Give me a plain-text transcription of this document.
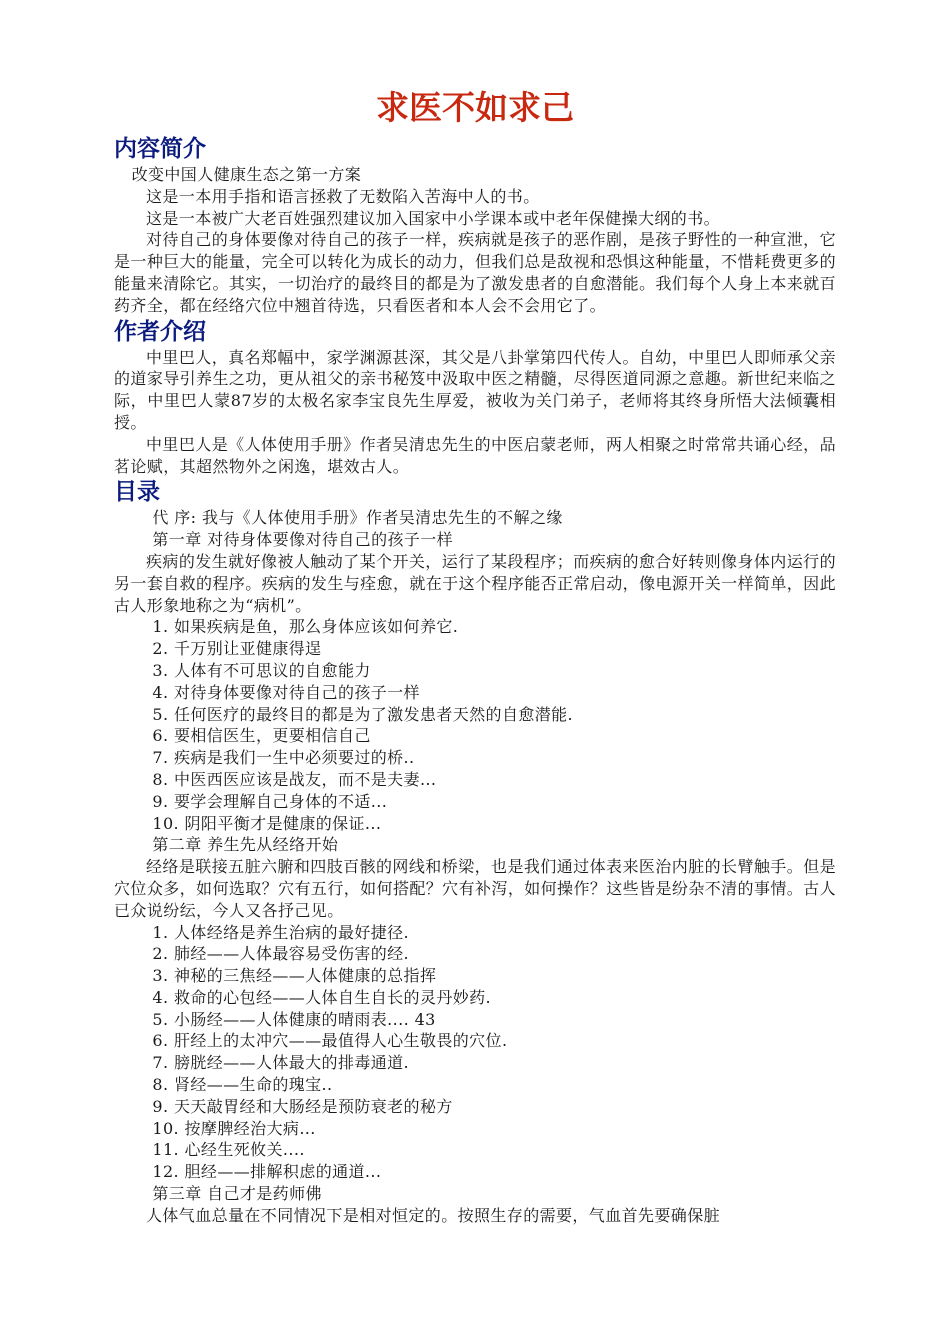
求医不如求己
内容简介

改变中国人健康生态之第一方案

这是一本用手指和语言拯救了无数陷入苦海中人的书。

这是一本被广大老百姓强烈建议加入国家中小学课本或中老年保健操大纲的书。

对待自己的身体要像对待自己的孩子一样，疾病就是孩子的恶作剧，是孩子野性的一种宣泄，它是一种巨大的能量，完全可以转化为成长的动力，但我们总是敌视和恐惧这种能量，不惜耗费更多的能量来清除它。其实，一切治疗的最终目的都是为了激发患者的自愈潜能。我们每个人身上本来就百药齐全，都在经络穴位中翘首待选，只看医者和本人会不会用它了。

作者介绍

中里巴人，真名郑幅中，家学渊源甚深，其父是八卦掌第四代传人。自幼，中里巴人即师承父亲的道家导引养生之功，更从祖父的亲书秘笈中汲取中医之精髓，尽得医道同源之意趣。新世纪来临之际，中里巴人蒙87岁的太极名家李宝良先生厚爱，被收为关门弟子，老师将其终身所悟大法倾囊相授。

中里巴人是《人体使用手册》作者吴清忠先生的中医启蒙老师，两人相聚之时常常共诵心经，品茗论赋，其超然物外之闲逸，堪效古人。

目录

代 序: 我与《人体使用手册》作者吴清忠先生的不解之缘

第一章 对待身体要像对待自己的孩子一样

疾病的发生就好像被人触动了某个开关，运行了某段程序；而疾病的愈合好转则像身体内运行的另一套自救的程序。疾病的发生与痊愈，就在于这个程序能否正常启动，像电源开关一样简单，因此古人形象地称之为“病机”。

1. 如果疾病是鱼，那么身体应该如何养它.

2. 千万别让亚健康得逞

3. 人体有不可思议的自愈能力

4. 对待身体要像对待自己的孩子一样

5. 任何医疗的最终目的都是为了激发患者天然的自愈潜能.

6. 要相信医生，更要相信自己

7. 疾病是我们一生中必须要过的桥..

8. 中医西医应该是战友，而不是夫妻...

9. 要学会理解自己身体的不适...

10. 阴阳平衡才是健康的保证...

第二章 养生先从经络开始

经络是联接五脏六腑和四肢百骸的网线和桥梁，也是我们通过体表来医治内脏的长臂触手。但是穴位众多，如何选取？穴有五行，如何搭配？穴有补泻，如何操作？这些皆是纷杂不清的事情。古人已众说纷纭，今人又各抒己见。

1. 人体经络是养生治病的最好捷径.

2. 肺经——人体最容易受伤害的经.

3. 神秘的三焦经——人体健康的总指挥

4. 救命的心包经——人体自生自长的灵丹妙药.

5. 小肠经——人体健康的晴雨表.... 43

6. 肝经上的太冲穴——最值得人心生敬畏的穴位.

7. 膀胱经——人体最大的排毒通道.

8. 肾经——生命的瑰宝..

9. 天天敲胃经和大肠经是预防衰老的秘方

10. 按摩脾经治大病...

11. 心经生死攸关....

12. 胆经——排解积虑的通道...

第三章 自己才是药师佛

人体气血总量在不同情况下是相对恒定的。按照生存的需要，气血首先要确保脏
